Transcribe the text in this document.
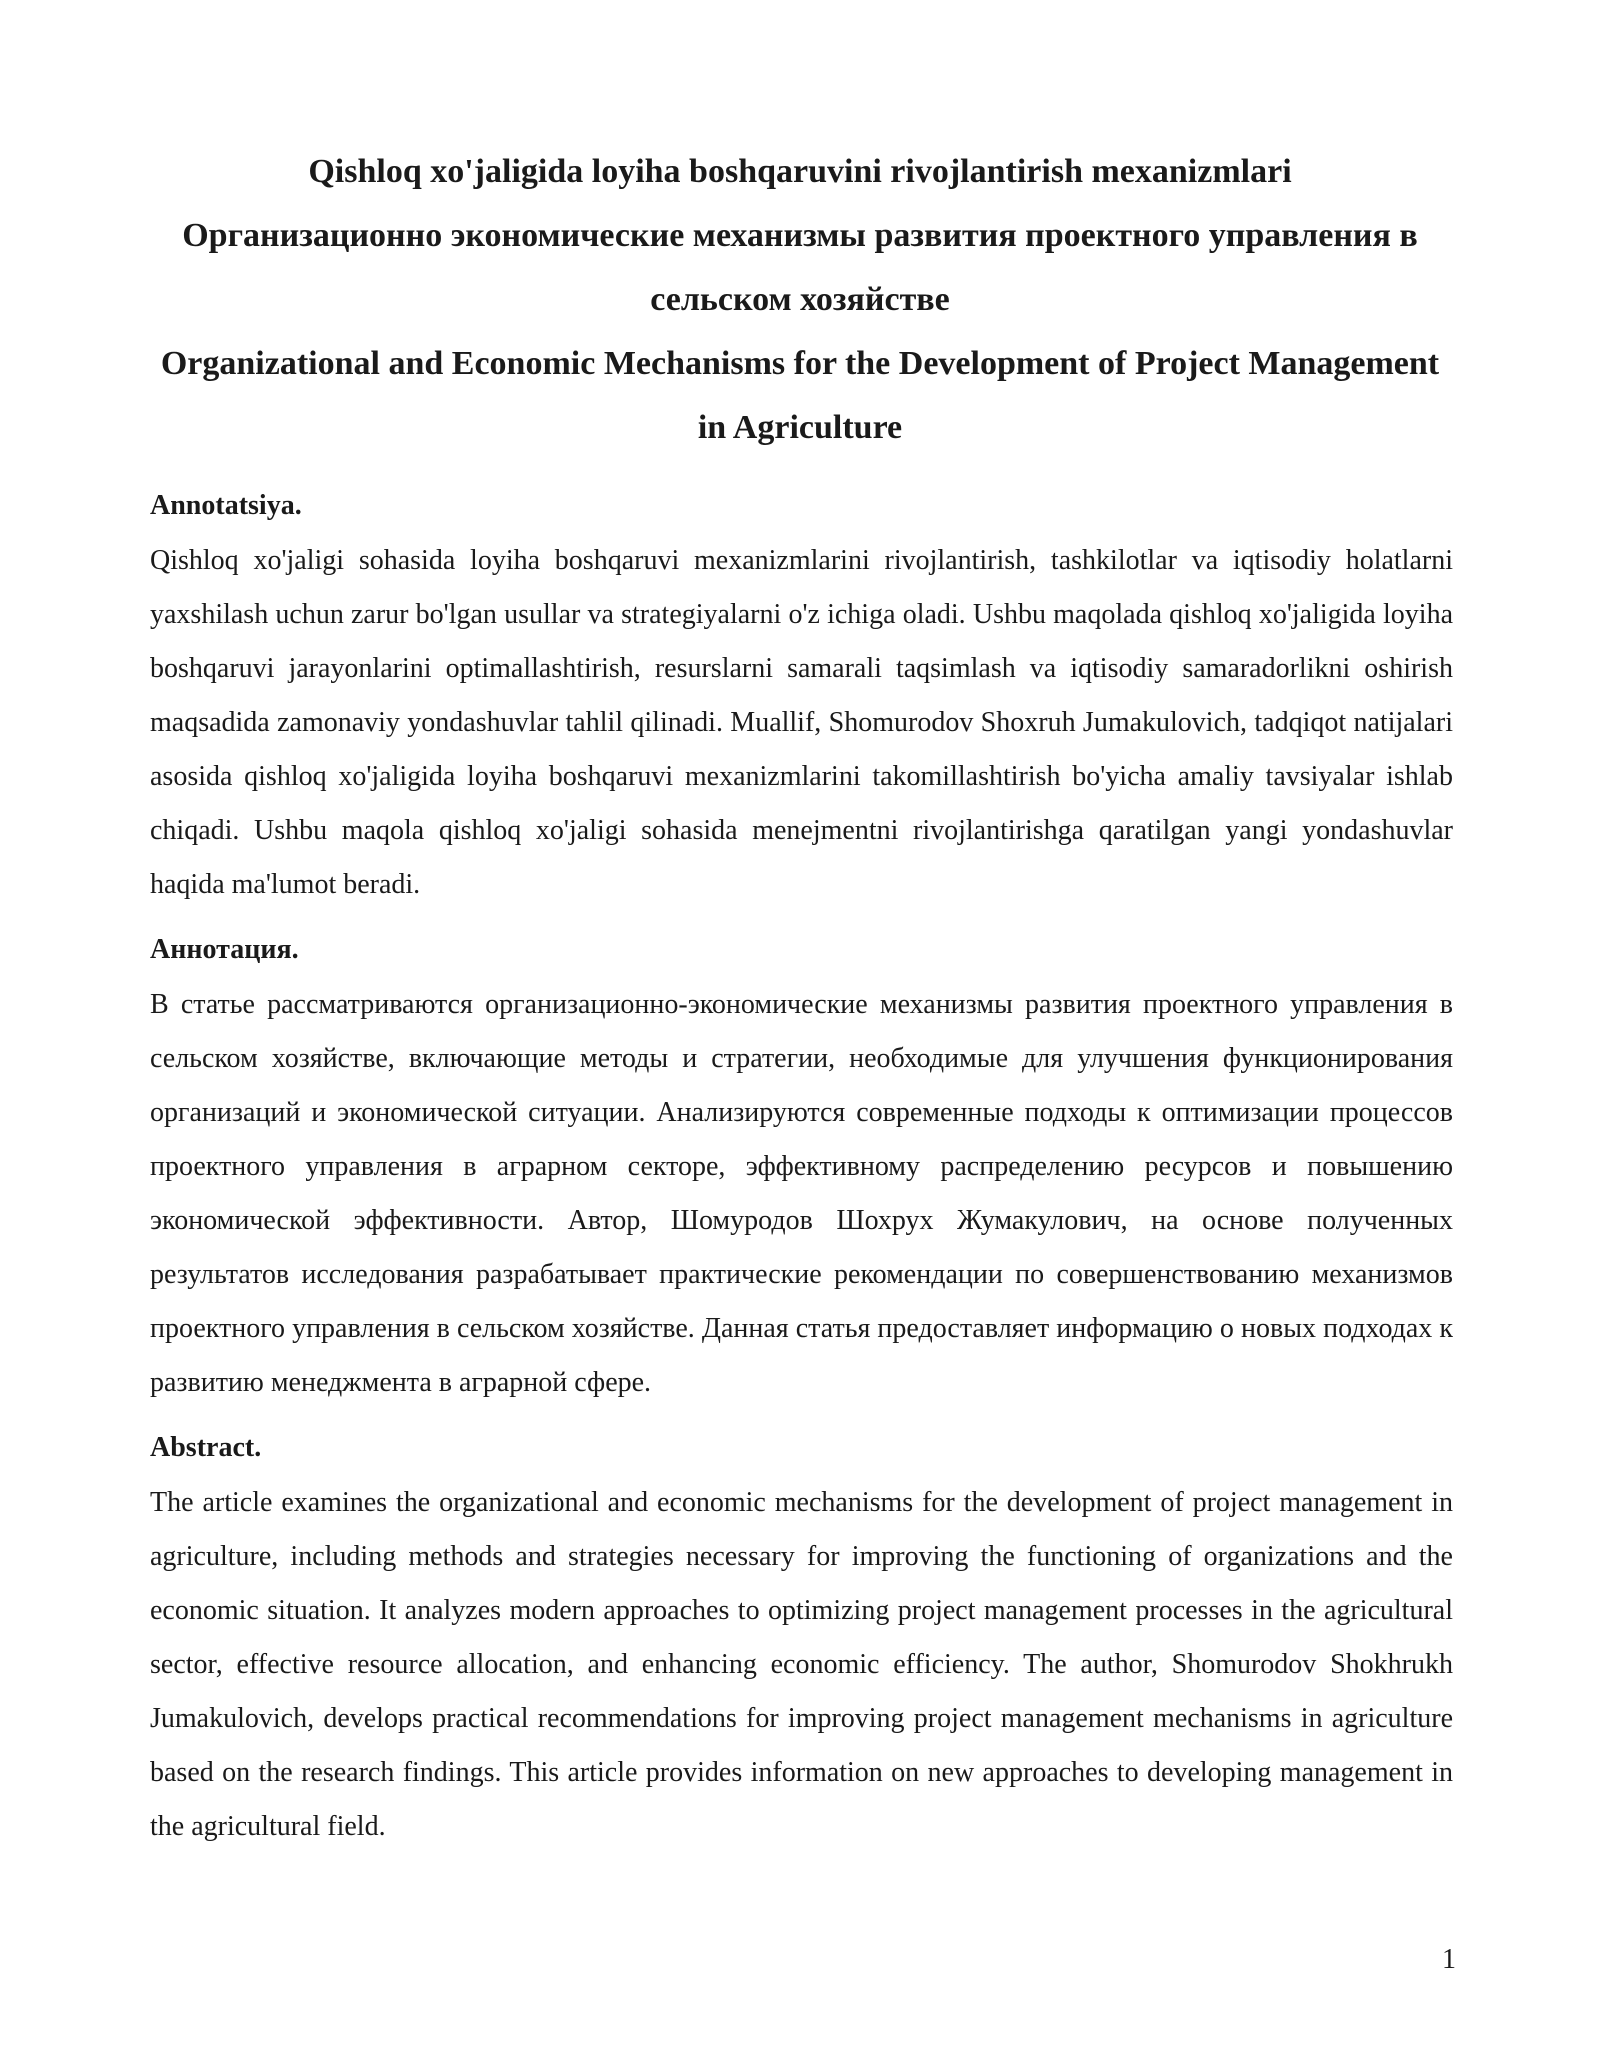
Qishloq xo'jaligida loyiha boshqaruvini rivojlantirish mexanizmlari
Организационно экономические механизмы развития проектного управления в сельском хозяйстве
Organizational and Economic Mechanisms for the Development of Project Management in Agriculture

Annotatsiya.

Qishloq xo'jaligi sohasida loyiha boshqaruvi mexanizmlarini rivojlantirish, tashkilotlar va iqtisodiy holatlarni yaxshilash uchun zarur bo'lgan usullar va strategiyalarni o'z ichiga oladi. Ushbu maqolada qishloq xo'jaligida loyiha boshqaruvi jarayonlarini optimallashtirish, resurslarni samarali taqsimlash va iqtisodiy samaradorlikni oshirish maqsadida zamonaviy yondashuvlar tahlil qilinadi. Muallif, Shomurodov Shoxruh Jumakulovich, tadqiqot natijalari asosida qishloq xo'jaligida loyiha boshqaruvi mexanizmlarini takomillashtirish bo'yicha amaliy tavsiyalar ishlab chiqadi. Ushbu maqola qishloq xo'jaligi sohasida menejmentni rivojlantirishga qaratilgan yangi yondashuvlar haqida ma'lumot beradi.

Аннотация.

В статье рассматриваются организационно-экономические механизмы развития проектного управления в сельском хозяйстве, включающие методы и стратегии, необходимые для улучшения функционирования организаций и экономической ситуации. Анализируются современные подходы к оптимизации процессов проектного управления в аграрном секторе, эффективному распределению ресурсов и повышению экономической эффективности. Автор, Шомуродов Шохрух Жумакулович, на основе полученных результатов исследования разрабатывает практические рекомендации по совершенствованию механизмов проектного управления в сельском хозяйстве. Данная статья предоставляет информацию о новых подходах к развитию менеджмента в аграрной сфере.

Abstract.

The article examines the organizational and economic mechanisms for the development of project management in agriculture, including methods and strategies necessary for improving the functioning of organizations and the economic situation. It analyzes modern approaches to optimizing project management processes in the agricultural sector, effective resource allocation, and enhancing economic efficiency. The author, Shomurodov Shokhrukh Jumakulovich, develops practical recommendations for improving project management mechanisms in agriculture based on the research findings. This article provides information on new approaches to developing management in the agricultural field.

1
